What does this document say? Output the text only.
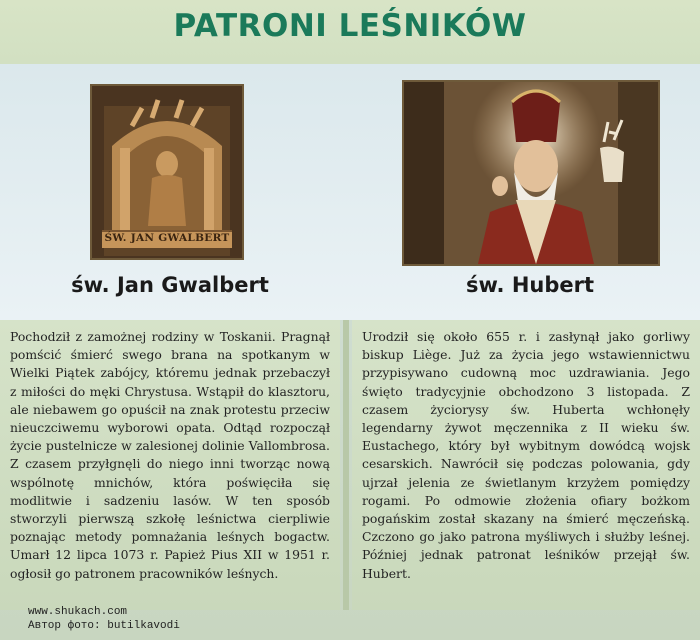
PATRONI LEŚNIKÓW
ŚW. JAN GWALBERT
św. Jan Gwalbert	św. Hubert

Pochodził z zamożnej rodziny w Toskanii. Pragnął pomścić śmierć swego brana na spotkanym w Wielki Piątek zabójcy, któremu jednak przebaczył z miłości do męki Chrystusa. Wstąpił do klasztoru, ale niebawem go opuścił na znak protestu przeciw nieuczciwemu wyborowi opata. Odtąd rozpoczął życie pustelnicze w zalesionej dolinie Vallombrosa. Z czasem przyłgnęli do niego inni tworząc nową wspólnotę mnichów, która poświęciła się modlitwie i sadzeniu lasów. W ten sposób stworzyli pierwszą szkołę leśnictwa cierpliwie poznając metody pomnażania leśnych bogactw. Umarł 12 lipca 1073 r. Papież Pius XII w 1951 r. ogłosił go patronem pracowników leśnych.

Urodził się około 655 r. i zasłynął jako gorliwy biskup Liège. Już za życia jego wstawiennictwu przypisywano cudowną moc uzdrawiania. Jego święto tradycyjnie obchodzono 3 listopada. Z czasem życiorysy św. Huberta wchłonęły legendarny żywot męczennika z II wieku św. Eustachego, który był wybitnym dowódcą wojsk cesarskich. Nawrócił się podczas polowania, gdy ujrzał jelenia ze świetlanym krzyżem pomiędzy rogami. Po odmowie złożenia ofiary bożkom pogańskim został skazany na śmierć męczeńską. Czczono go jako patrona myśliwych i służby leśnej. Później jednak patronat leśników przejął św. Hubert.

www.shukach.com
Автор фото: butilkavodi
